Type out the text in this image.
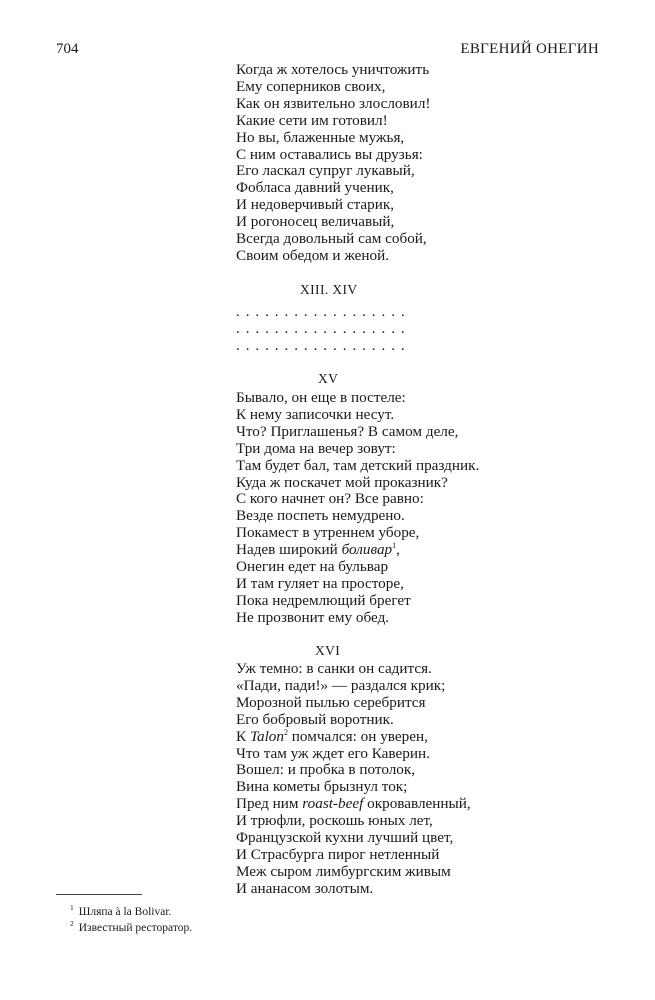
704	ЕВГЕНИЙ ОНЕГИН
Когда ж хотелось уничтожить
Ему соперников своих,
Как он язвительно злословил!
Какие сети им готовил!
Но вы, блаженные мужья,
С ним оставались вы друзья:
Его ласкал супруг лукавый,
Фобласа давний ученик,
И недоверчивый старик,
И рогоносец величавый,
Всегда довольный сам собой,
Своим обедом и женой.
XIII. XIV
. . . . . . . . . . . . . . . . . .
. . . . . . . . . . . . . . . . . .
. . . . . . . . . . . . . . . . . .
XV
Бывало, он еще в постеле:
К нему записочки несут.
Что? Приглашенья? В самом деле,
Три дома на вечер зовут:
Там будет бал, там детский праздник.
Куда ж поскачет мой проказник?
С кого начнет он? Все равно:
Везде поспеть немудрено.
Покамест в утреннем уборе,
Надев широкий боливар$^1$,
Онегин едет на бульвар
И там гуляет на просторе,
Пока недремлющий брегет
Не прозвонит ему обед.
XVI
Уж темно: в санки он садится.
«Пади, пади!» — раздался крик;
Морозной пылью серебрится
Его бобровый воротник.
К Talon$^2$ помчался: он уверен,
Что там уж ждет его Каверин.
Вошел: и пробка в потолок,
Вина кометы брызнул ток;
Пред ним roast-beef окровавленный,
И трюфли, роскошь юных лет,
Французской кухни лучший цвет,
И Страсбурга пирог нетленный
Меж сыром лимбургским живым
И ананасом золотым.
$^1$ Шляпа à la Bolivar.
$^2$ Известный ресторатор.
